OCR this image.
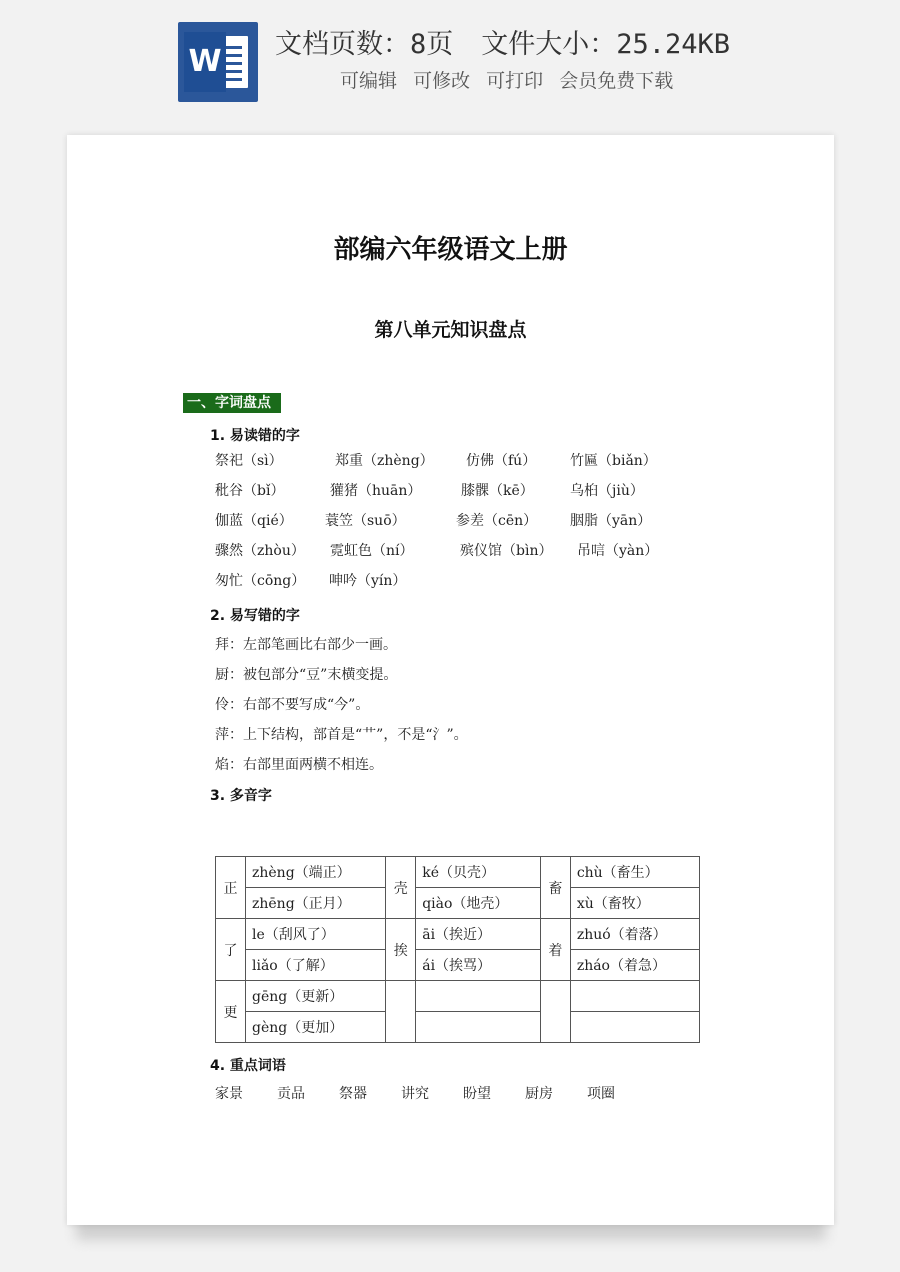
W 文档页数：8页 文件大小：25.24KB
可编辑 可修改 可打印 会员免费下载
部编六年级语文上册
第八单元知识盘点
一、字词盘点
1. 易读错的字
祭祀（sì）	郑重（zhèng） 仿佛（fú） 竹匾（biǎn）
秕谷（bǐ）	獾猪（huān）	膝髁（kē）	乌桕（jiù）
伽蓝（qié） 蓑笠（suō）	参差（cēn） 胭脂（yān）
骤然（zhòu） 霓虹色（ní）	殡仪馆（bìn） 吊唁（yàn）
匆忙（cōng） 呻吟（yín）
2. 易写错的字
拜：左部笔画比右部少一画。
厨：被包部分“豆”末横变提。
伶：右部不要写成“今”。
萍：上下结构，部首是“艹”，不是“氵”。
焰：右部里面两横不相连。
3. 多音字
正	zhèng（端正）	壳	ké（贝壳）	畜	chù（畜生）
	zhēng（正月）		qiào（地壳）		xù（畜牧）
了	le（刮风了）	挨	āi（挨近）	着	zhuó（着落）
	liǎo（了解）		ái（挨骂）		zháo（着急）
更	gēng（更新）				
	gèng（更加）				
4. 重点词语
家景 贡品 祭器 讲究 盼望 厨房 项圈
